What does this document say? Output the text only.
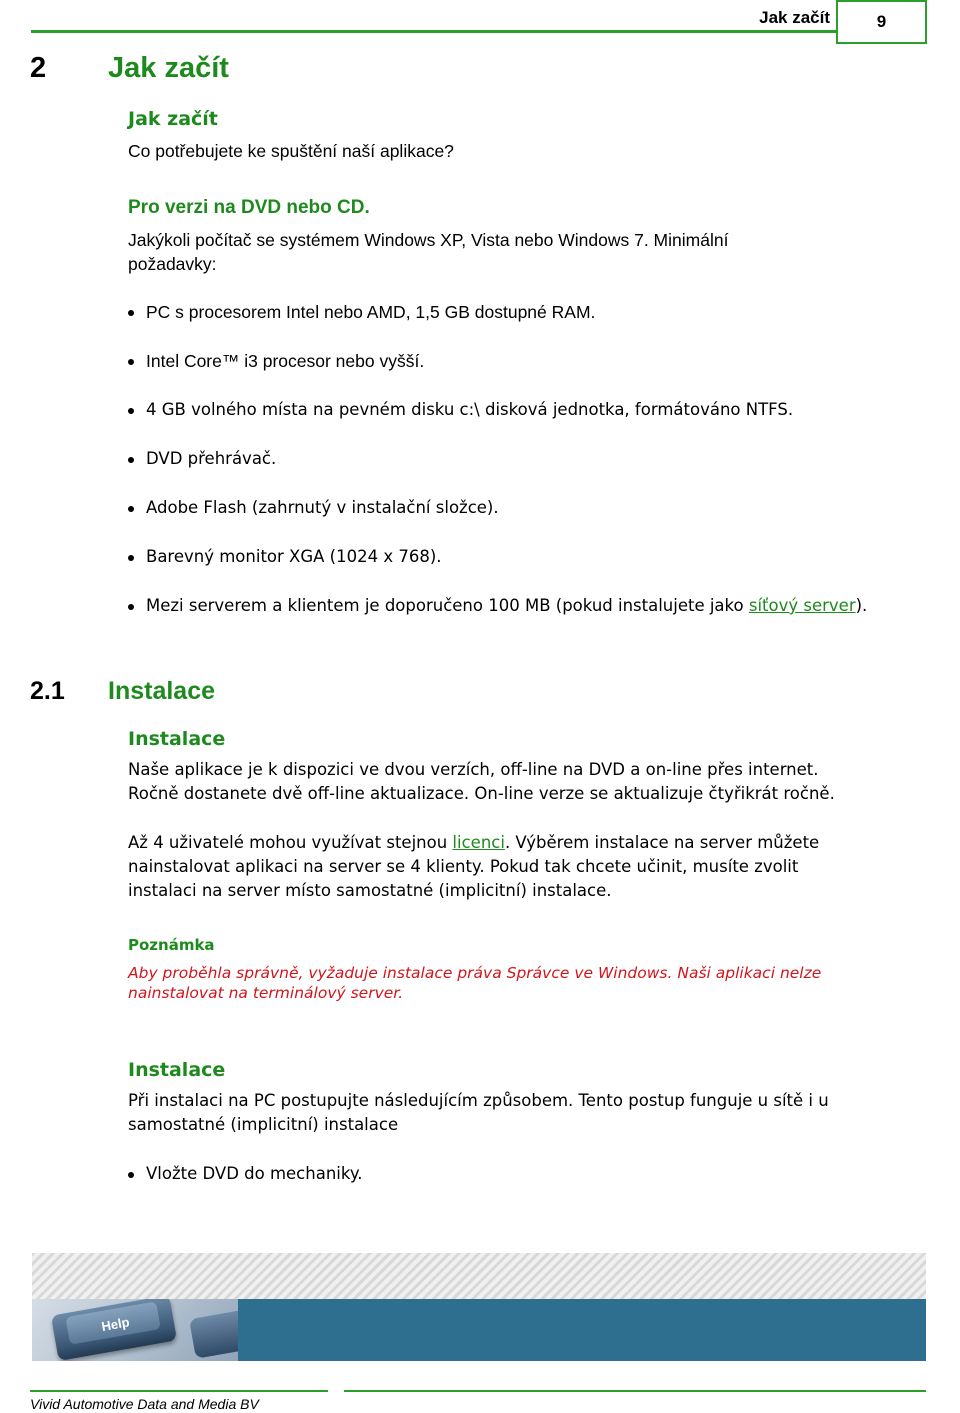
Jak začít	9
2 Jak začít
Jak začít
Co potřebujete ke spuštění naší aplikace?
Pro verzi na DVD nebo CD.
Jakýkoli počítač se systémem Windows XP, Vista nebo Windows 7. Minimální
požadavky:
PC s procesorem Intel nebo AMD, 1,5 GB dostupné RAM.
Intel Core™ i3 procesor nebo vyšší.
4 GB volného místa na pevném disku c:\ disková jednotka, formátováno NTFS.
DVD přehrávač.
Adobe Flash (zahrnutý v instalační složce).
Barevný monitor XGA (1024 x 768).
Mezi serverem a klientem je doporučeno 100 MB (pokud instalujete jako síťový server).
2.1 Instalace
Instalace
Naše aplikace je k dispozici ve dvou verzích, off-line na DVD a on-line přes internet.
Ročně dostanete dvě off-line aktualizace. On-line verze se aktualizuje čtyřikrát ročně.
Až 4 uživatelé mohou využívat stejnou licenci. Výběrem instalace na server můžete
nainstalovat aplikaci na server se 4 klienty. Pokud tak chcete učinit, musíte zvolit
instalaci na server místo samostatné (implicitní) instalace.
Poznámka
Aby proběhla správně, vyžaduje instalace práva Správce ve Windows. Naši aplikaci nelze
nainstalovat na terminálový server.
Instalace
Při instalaci na PC postupujte následujícím způsobem. Tento postup funguje u sítě i u
samostatné (implicitní) instalace
Vložte DVD do mechaniky.
Help
Vivid Automotive Data and Media BV
